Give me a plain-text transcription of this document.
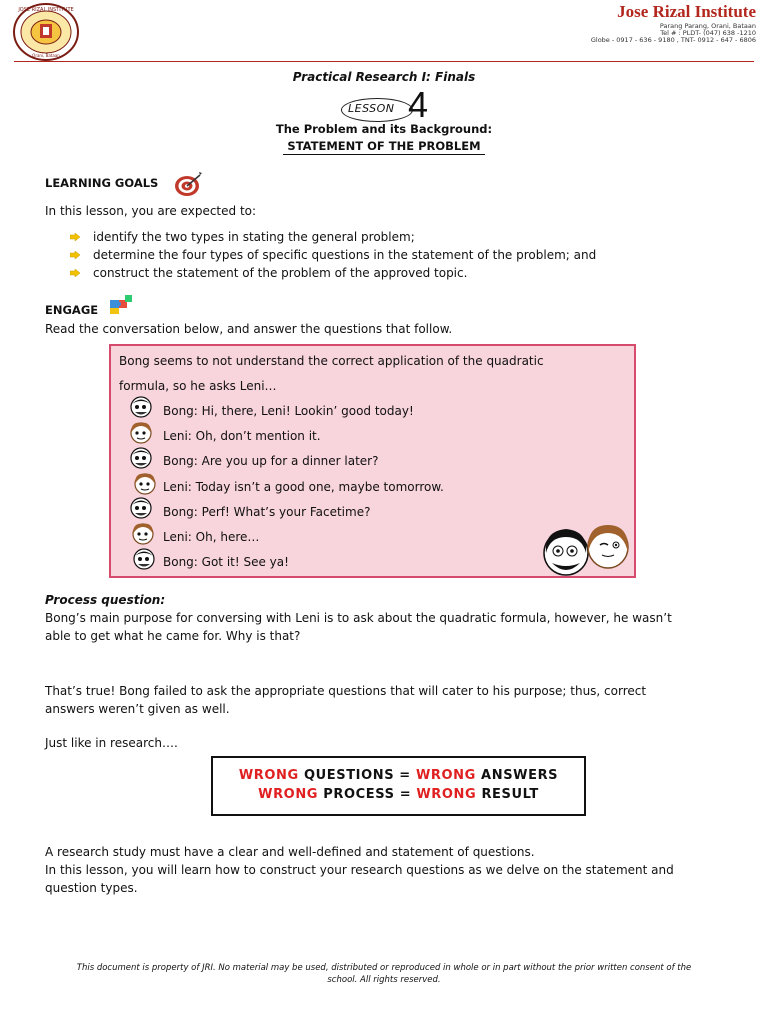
JOSE RIZAL INSTITUTE
Orani, Bataan
Jose Rizal Institute
Parang Parang, Orani, Bataan
Tel # : PLDT- (047) 638 -1210
Globe - 0917 - 636 - 9180 , TNT- 0912 - 647 - 6806
Practical Research I: Finals
LESSON 4
The Problem and its Background:
STATEMENT OF THE PROBLEM
LEARNING GOALS
In this lesson, you are expected to:
identify the two types in stating the general problem;
determine the four types of specific questions in the statement of the problem; and
construct the statement of the problem of the approved topic.
ENGAGE
Read the conversation below, and answer the questions that follow.
Bong seems to not understand the correct application of the quadratic
formula, so he asks Leni…
Bong: Hi, there, Leni! Lookin’ good today!
Leni: Oh, don’t mention it.
Bong: Are you up for a dinner later?
Leni: Today isn’t a good one, maybe tomorrow.
Bong: Perf! What’s your Facetime?
Leni: Oh, here…
Bong: Got it! See ya!
Process question:
Bong’s main purpose for conversing with Leni is to ask about the quadratic formula, however, he wasn’t
able to get what he came for. Why is that?
That’s true! Bong failed to ask the appropriate questions that will cater to his purpose; thus, correct
answers weren’t given as well.
Just like in research….
WRONG QUESTIONS = WRONG ANSWERS
WRONG PROCESS = WRONG RESULT
A research study must have a clear and well-defined and statement of questions.
In this lesson, you will learn how to construct your research questions as we delve on the statement and
question types.
This document is property of JRI. No material may be used, distributed or reproduced in whole or in part without the prior written consent of the
school. All rights reserved.
